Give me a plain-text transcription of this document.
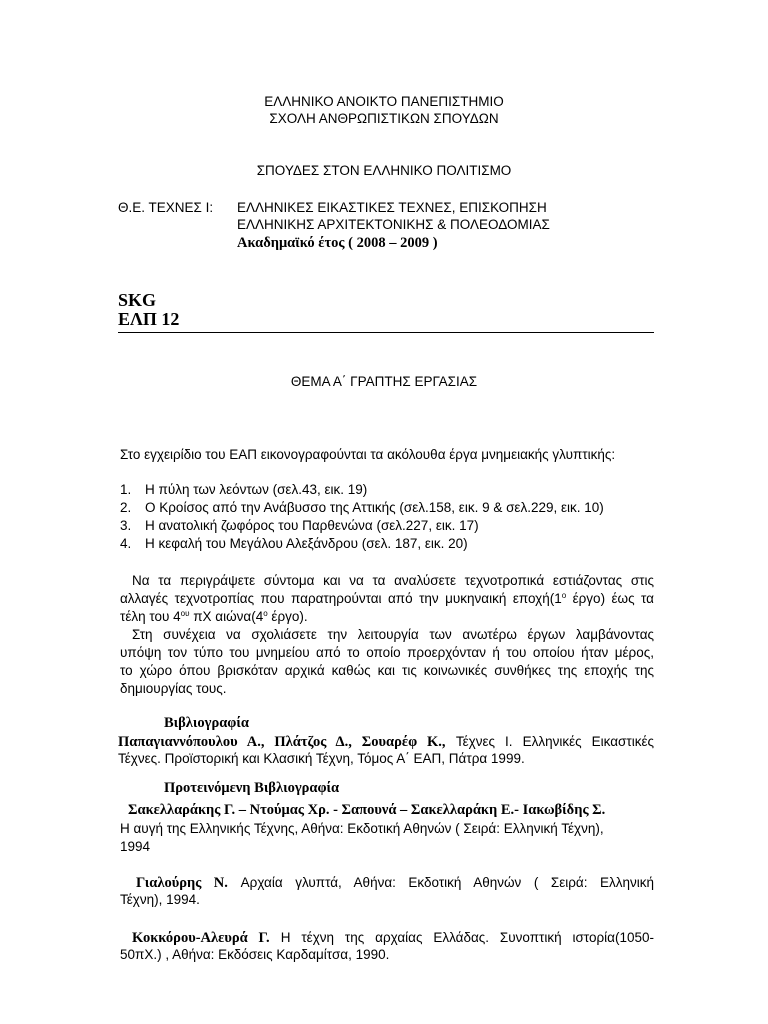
ΕΛΛΗΝΙΚΟ ΑΝΟΙΚΤΟ ΠΑΝΕΠΙΣΤΗΜΙΟ
ΣΧΟΛΗ ΑΝΘΡΩΠΙΣΤΙΚΩΝ ΣΠΟΥΔΩΝ
ΣΠΟΥΔΕΣ ΣΤΟΝ ΕΛΛΗΝΙΚΟ ΠΟΛΙΤΙΣΜΟ
Θ.Ε. ΤΕΧΝΕΣ Ι: ΕΛΛΗΝΙΚΕΣ ΕΙΚΑΣΤΙΚΕΣ ΤΕΧΝΕΣ, ΕΠΙΣΚΟΠΗΣΗ
ΕΛΛΗΝΙΚΗΣ ΑΡΧΙΤΕΚΤΟΝΙΚΗΣ & ΠΟΛΕΟΔΟΜΙΑΣ
Ακαδημαϊκό έτος ( 2008 – 2009 )
SKG
ΕΛΠ 12
ΘΕΜΑ Α΄ ΓΡΑΠΤΗΣ ΕΡΓΑΣΙΑΣ
Στο εγχειρίδιο του ΕΑΠ εικονογραφούνται τα ακόλουθα έργα μνημειακής γλυπτικής:
1. Η πύλη των λεόντων (σελ.43, εικ. 19)
2. Ο Κροίσος από την Ανάβυσσο της Αττικής (σελ.158, εικ. 9 & σελ.229, εικ. 10)
3. Η ανατολική ζωφόρος του Παρθενώνα (σελ.227, εικ. 17)
4. Η κεφαλή του Μεγάλου Αλεξάνδρου (σελ. 187, εικ. 20)
Να τα περιγράψετε σύντομα και να τα αναλύσετε τεχνοτροπικά εστιάζοντας στις
αλλαγές τεχνοτροπίας που παρατηρούνται από την μυκηναική $\varepsilon\pi o\chi ή(1^o$ έργο) έως τα
τέλη του $4^{o\upsilon}$ πΧ $\alpha\iota ώ\nu\alpha(4^o$ έργο).
Στη συνέχεια να σχολιάσετε την λειτουργία των ανωτέρω έργων λαμβάνοντας
υπόψη τον τύπο του μνημείου από το οποίο προερχόνταν ή του οποίου ήταν μέρος,
το χώρο όπου βρισκόταν αρχικά καθώς και τις κοινωνικές συνθήκες της εποχής της
δημιουργίας τους.
Βιβλιογραφία
Παπαγιαννόπουλου Α., Πλάτζος Δ., Σουαρέφ Κ., Τέχνες Ι. Ελληνικές Εικαστικές
Τέχνες. Προϊστορική και Κλασική Τέχνη, Τόμος Α΄ ΕΑΠ, Πάτρα 1999.
Προτεινόμενη Βιβλιογραφία
Σακελλαράκης Γ. – Ντούμας Χρ. - Σαπουνά – Σακελλαράκη Ε.- Ιακωβίδης Σ.
Η αυγή της Ελληνικής Τέχνης, Αθήνα: Εκδοτική Αθηνών ( Σειρά: Ελληνική Τέχνη),
1994
Γιαλούρης Ν. Αρχαία γλυπτά, Αθήνα: Εκδοτική Αθηνών ( Σειρά: Ελληνική
Τέχνη), 1994.
Κοκκόρου-Αλευρά Γ. Η τέχνη της αρχαίας Ελλάδας. Συνοπτική ιστορία(1050-
50πΧ.) , Αθήνα: Εκδόσεις Καρδαμίτσα, 1990.
